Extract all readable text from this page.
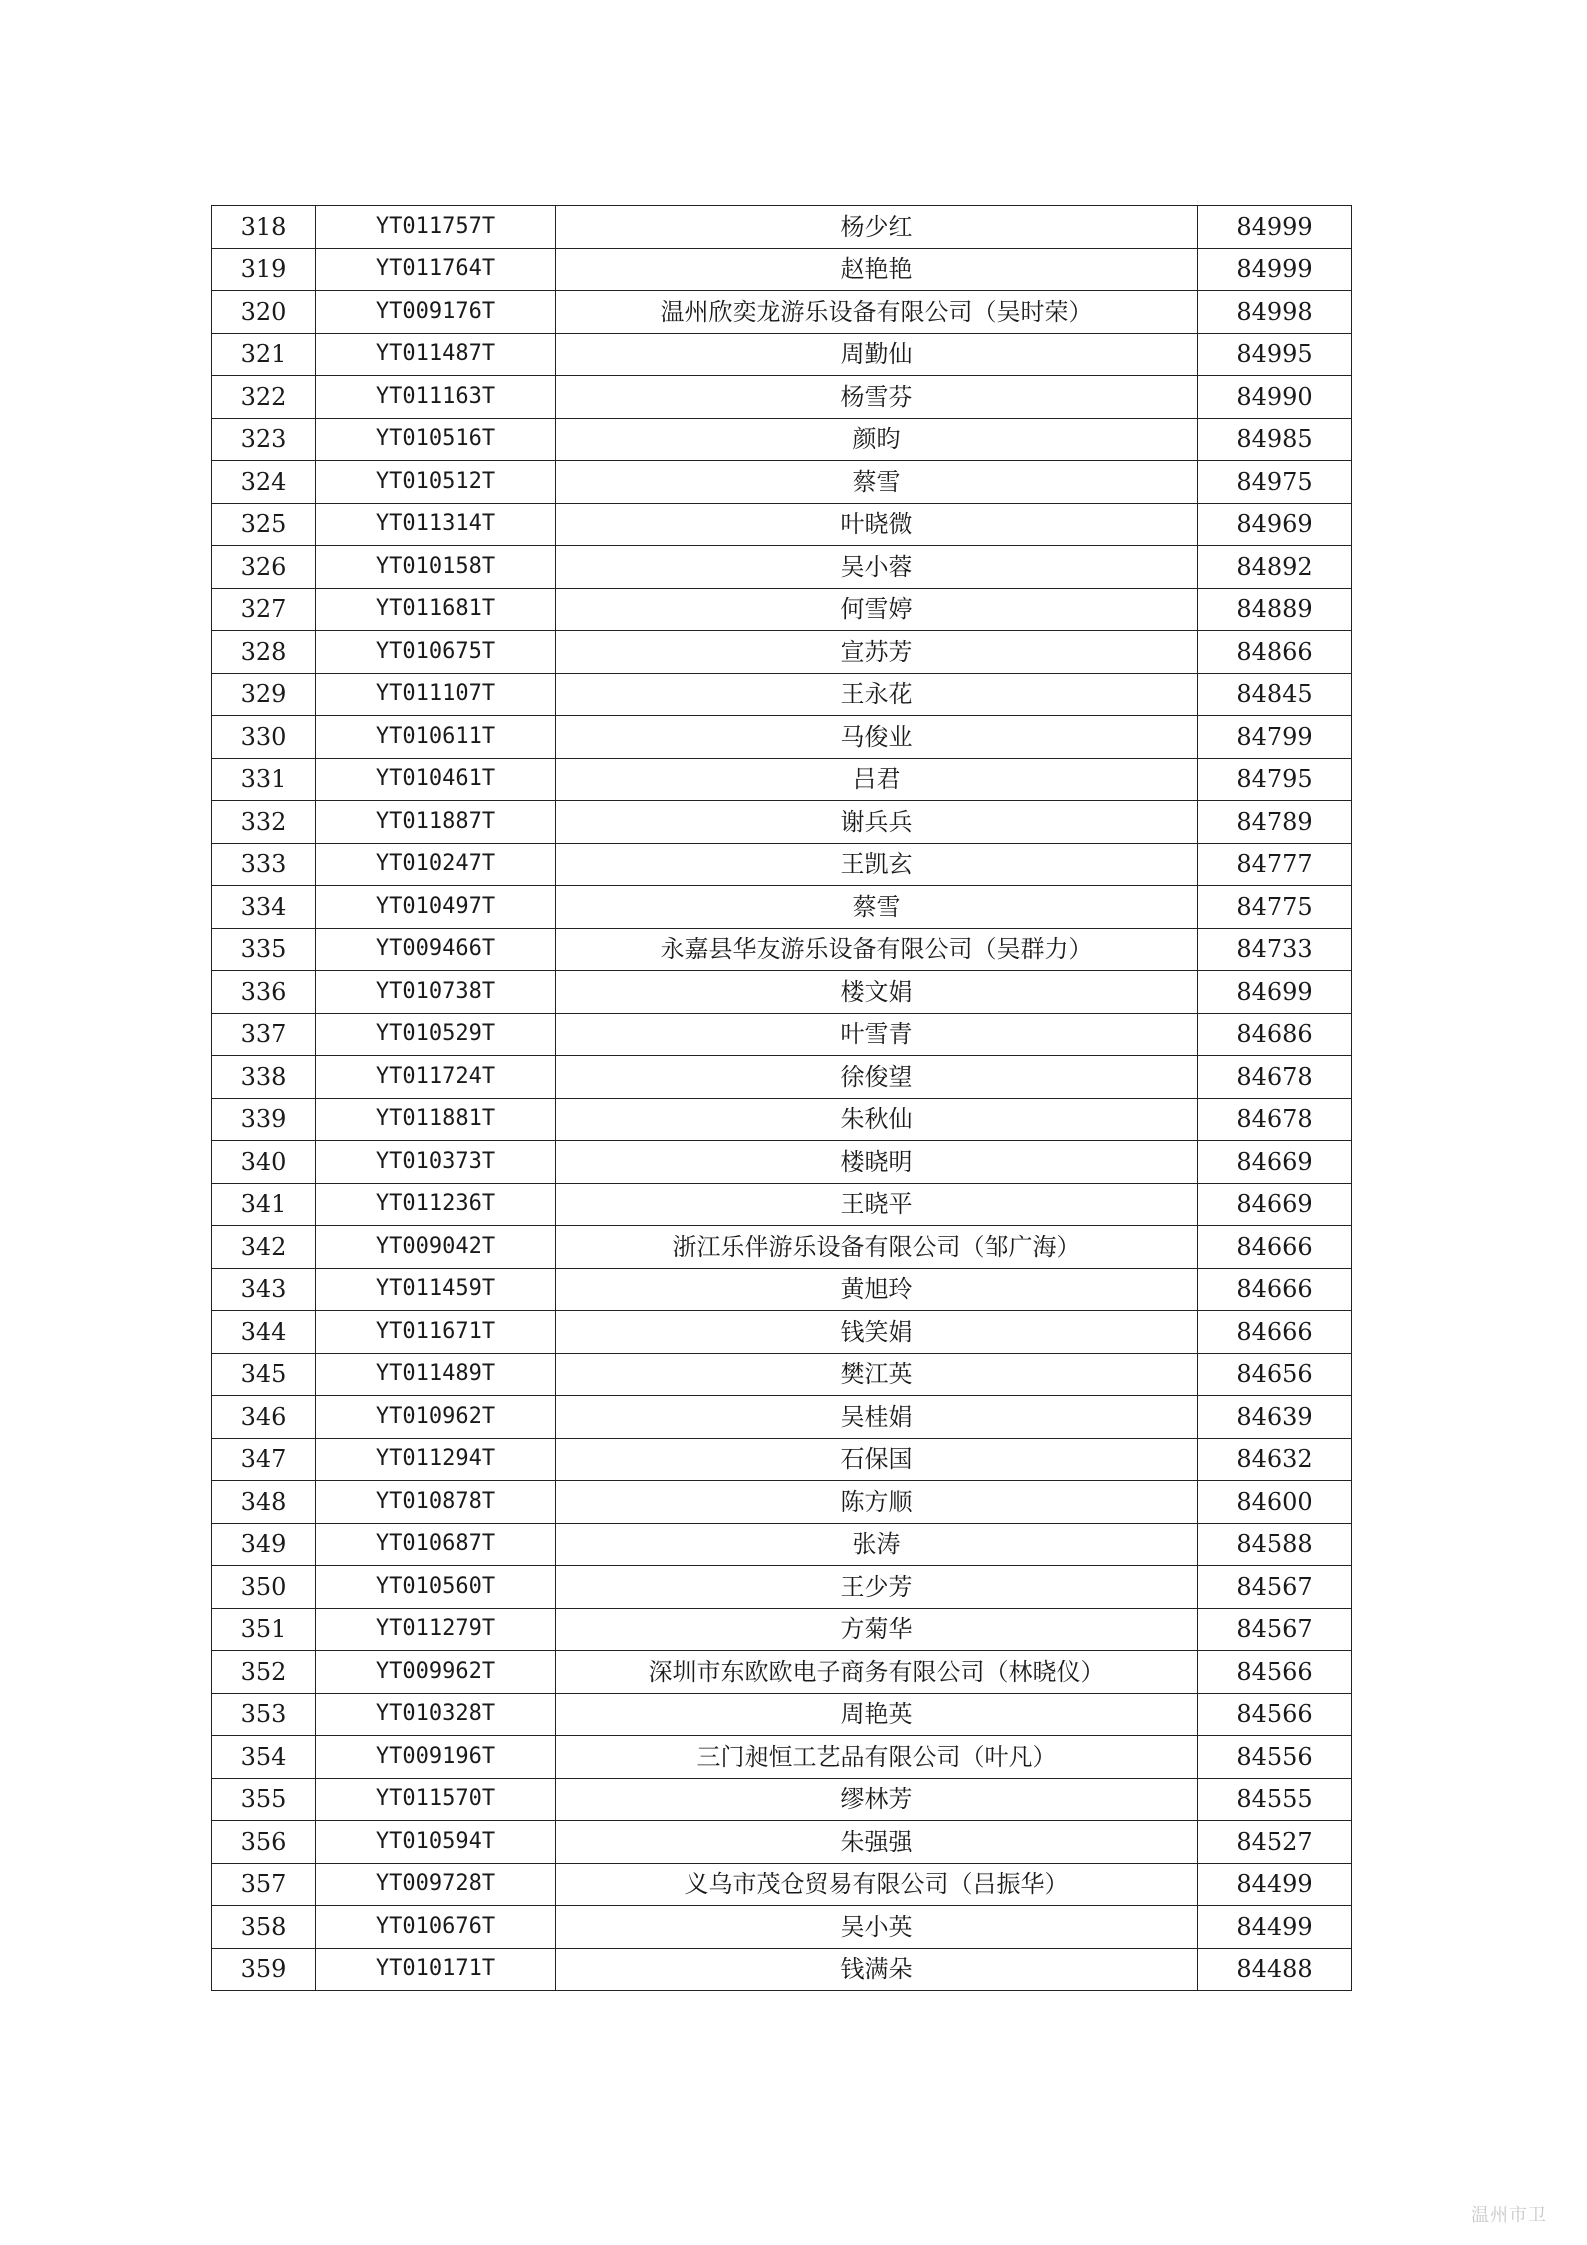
318	YT011757T	杨少红	84999
319	YT011764T	赵艳艳	84999
320	YT009176T	温州欣奕龙游乐设备有限公司（吴时荣）	84998
321	YT011487T	周勤仙	84995
322	YT011163T	杨雪芬	84990
323	YT010516T	颜昀	84985
324	YT010512T	蔡雪	84975
325	YT011314T	叶晓微	84969
326	YT010158T	吴小蓉	84892
327	YT011681T	何雪婷	84889
328	YT010675T	宣苏芳	84866
329	YT011107T	王永花	84845
330	YT010611T	马俊业	84799
331	YT010461T	吕君	84795
332	YT011887T	谢兵兵	84789
333	YT010247T	王凯玄	84777
334	YT010497T	蔡雪	84775
335	YT009466T	永嘉县华友游乐设备有限公司（吴群力）	84733
336	YT010738T	楼文娟	84699
337	YT010529T	叶雪青	84686
338	YT011724T	徐俊望	84678
339	YT011881T	朱秋仙	84678
340	YT010373T	楼晓明	84669
341	YT011236T	王晓平	84669
342	YT009042T	浙江乐伴游乐设备有限公司（邹广海）	84666
343	YT011459T	黄旭玲	84666
344	YT011671T	钱笑娟	84666
345	YT011489T	樊江英	84656
346	YT010962T	吴桂娟	84639
347	YT011294T	石保国	84632
348	YT010878T	陈方顺	84600
349	YT010687T	张涛	84588
350	YT010560T	王少芳	84567
351	YT011279T	方菊华	84567
352	YT009962T	深圳市东欧欧电子商务有限公司（林晓仪）	84566
353	YT010328T	周艳英	84566
354	YT009196T	三门昶恒工艺品有限公司（叶凡）	84556
355	YT011570T	缪林芳	84555
356	YT010594T	朱强强	84527
357	YT009728T	义乌市茂仓贸易有限公司（吕振华）	84499
358	YT010676T	吴小英	84499
359	YT010171T	钱满朵	84488
温州市卫
